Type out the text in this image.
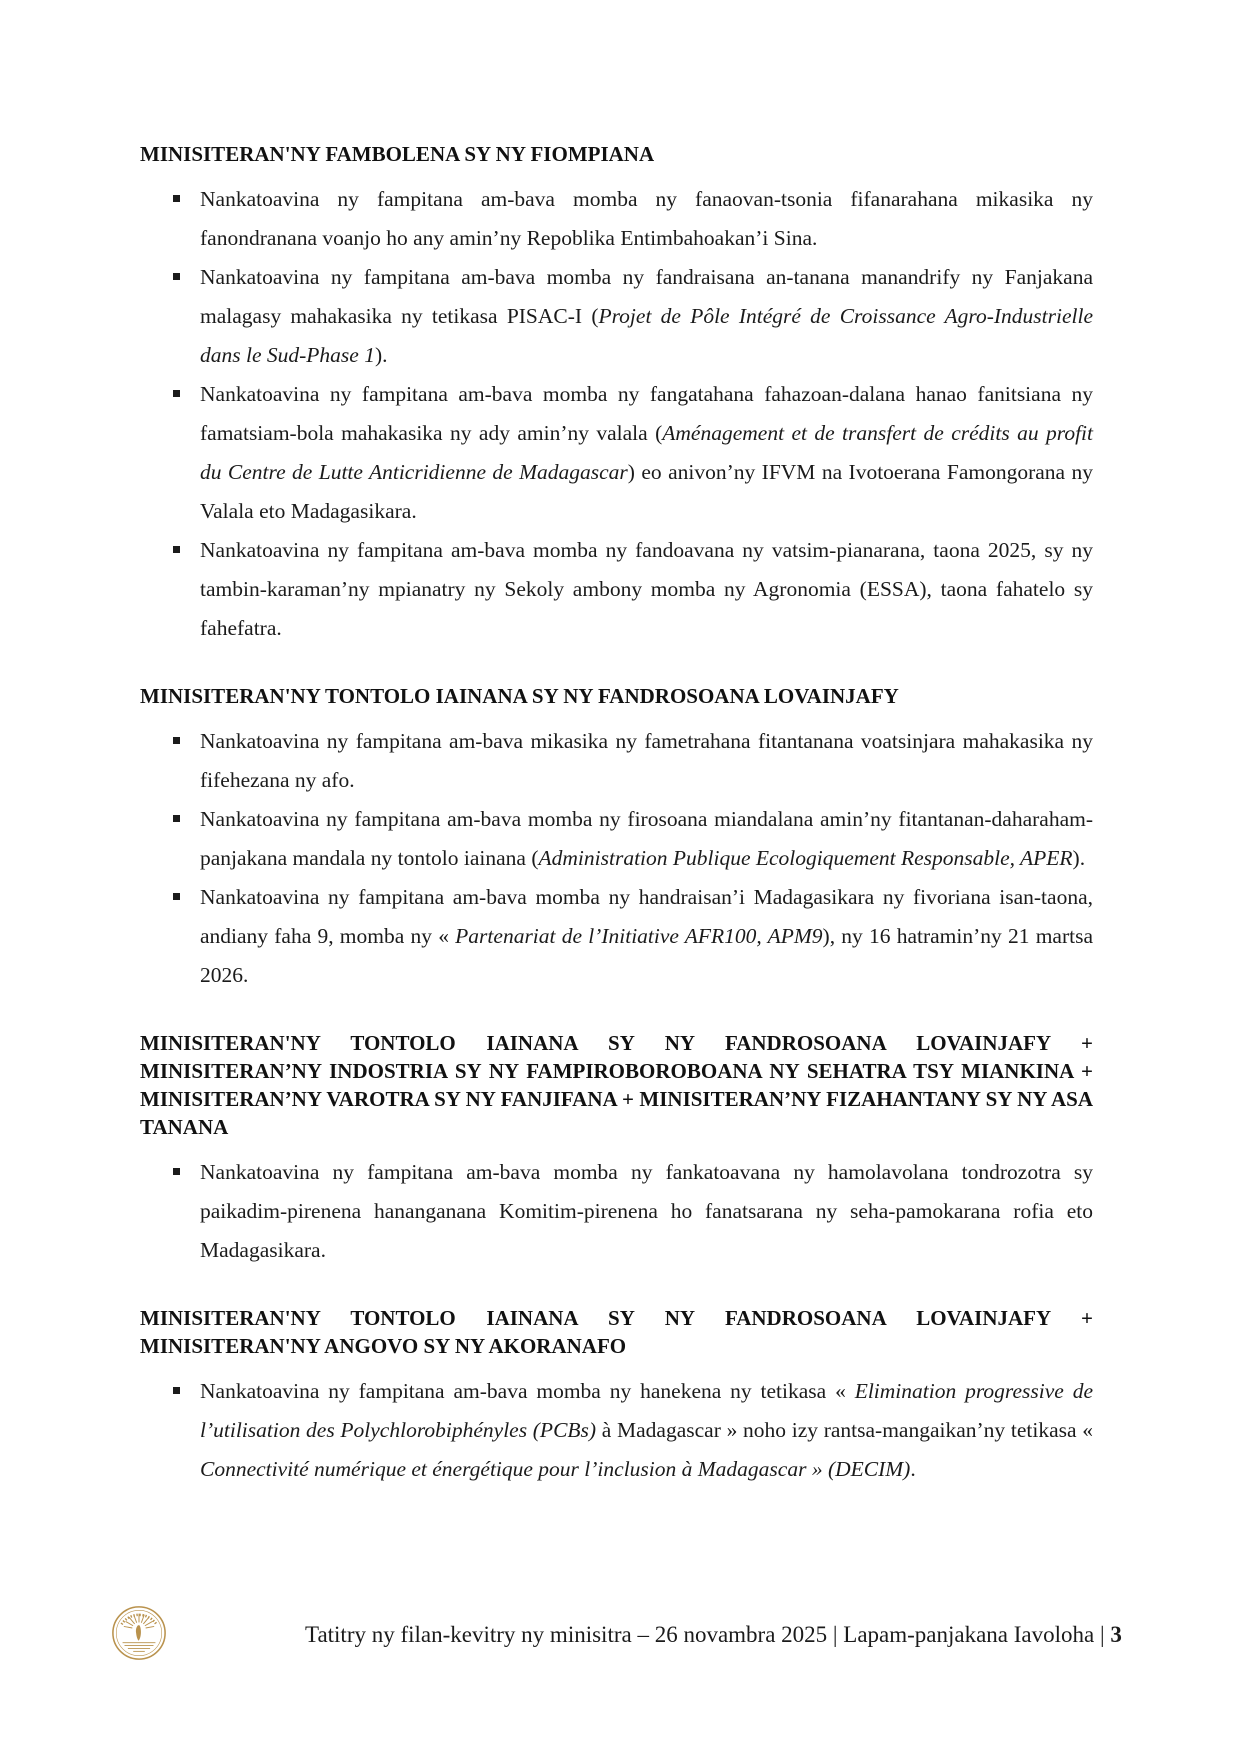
MINISITERAN'NY FAMBOLENA SY NY FIOMPIANA
Nankatoavina ny fampitana am-bava momba ny fanaovan-tsonia fifanarahana mikasika ny fanondranana voanjo ho any amin’ny Repoblika Entimbahoakan’i Sina.
Nankatoavina ny fampitana am-bava momba ny fandraisana an-tanana manandrify ny Fanjakana malagasy mahakasika ny tetikasa PISAC-I (Projet de Pôle Intégré de Croissance Agro-Industrielle dans le Sud-Phase 1).
Nankatoavina ny fampitana am-bava momba ny fangatahana fahazoan-dalana hanao fanitsiana ny famatsiam-bola mahakasika ny ady amin’ny valala (Aménagement et de transfert de crédits au profit du Centre de Lutte Anticridienne de Madagascar) eo anivon’ny IFVM na Ivotoerana Famongorana ny Valala eto Madagasikara.
Nankatoavina ny fampitana am-bava momba ny fandoavana ny vatsim-pianarana, taona 2025, sy ny tambin-karaman’ny mpianatry ny Sekoly ambony momba ny Agronomia (ESSA), taona fahatelo sy fahefatra.
MINISITERAN'NY TONTOLO IAINANA SY NY FANDROSOANA LOVAINJAFY
Nankatoavina ny fampitana am-bava mikasika ny fametrahana fitantanana voatsinjara mahakasika ny fifehezana ny afo.
Nankatoavina ny fampitana am-bava momba ny firosoana miandalana amin’ny fitantanan-daharaham-panjakana mandala ny tontolo iainana (Administration Publique Ecologiquement Responsable, APER).
Nankatoavina ny fampitana am-bava momba ny handraisan’i Madagasikara ny fivoriana isan-taona, andiany faha 9, momba ny « Partenariat de l’Initiative AFR100, APM9), ny 16 hatramin’ny 21 martsa 2026.
MINISITERAN'NY TONTOLO IAINANA SY NY FANDROSOANA LOVAINJAFY + MINISITERAN’NY INDOSTRIA SY NY FAMPIROBOROBOANA NY SEHATRA TSY MIANKINA + MINISITERAN’NY VAROTRA SY NY FANJIFANA + MINISITERAN’NY FIZAHANTANY SY NY ASA TANANA
Nankatoavina ny fampitana am-bava momba ny fankatoavana ny hamolavolana tondrozotra sy paikadim-pirenena hananganana Komitim-pirenena ho fanatsarana ny seha-pamokarana rofia eto Madagasikara.
MINISITERAN'NY TONTOLO IAINANA SY NY FANDROSOANA LOVAINJAFY + MINISITERAN'NY ANGOVO SY NY AKORANAFO
Nankatoavina ny fampitana am-bava momba ny hanekena ny tetikasa « Elimination progressive de l’utilisation des Polychlorobiphényles (PCBs) à Madagascar » noho izy rantsa-mangaikan’ny tetikasa « Connectivité numérique et énergétique pour l’inclusion à Madagascar » (DECIM).

Tatitry ny filan-kevitry ny minisitra – 26 novambra 2025 | Lapam-panjakana Iavoloha | 3
